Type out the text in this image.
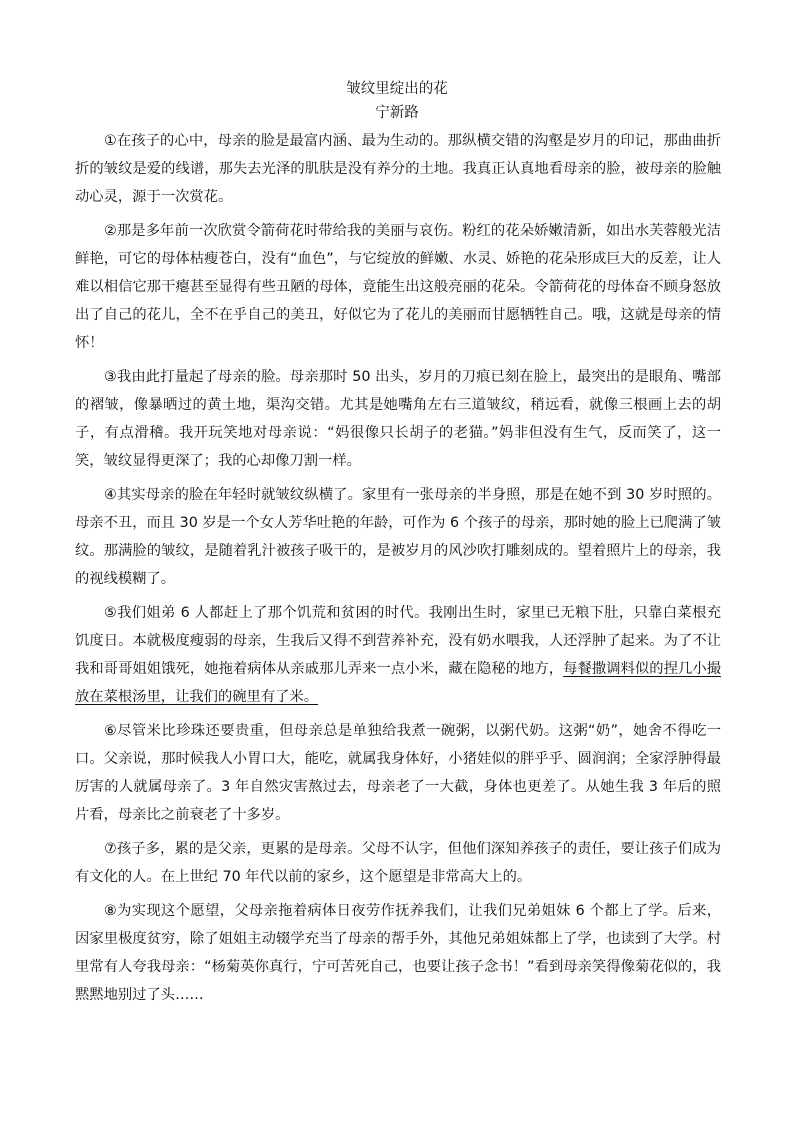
皱纹里绽出的花
宁新路

①在孩子的心中，母亲的脸是最富内涵、最为生动的。那纵横交错的沟壑是岁月的印记，那曲曲折折的皱纹是爱的线谱，那失去光泽的肌肤是没有养分的土地。我真正认真地看母亲的脸，被母亲的脸触动心灵，源于一次赏花。

②那是多年前一次欣赏令箭荷花时带给我的美丽与哀伤。粉红的花朵娇嫩清新，如出水芙蓉般光洁鲜艳，可它的母体枯瘦苍白，没有“血色”，与它绽放的鲜嫩、水灵、娇艳的花朵形成巨大的反差，让人难以相信它那干瘪甚至显得有些丑陋的母体，竟能生出这般亮丽的花朵。令箭荷花的母体奋不顾身怒放出了自己的花儿，全不在乎自己的美丑，好似它为了花儿的美丽而甘愿牺牲自己。哦，这就是母亲的情怀！

③我由此打量起了母亲的脸。母亲那时 50 出头，岁月的刀痕已刻在脸上，最突出的是眼角、嘴部的褶皱，像暴晒过的黄土地，渠沟交错。尤其是她嘴角左右三道皱纹，稍远看，就像三根画上去的胡子，有点滑稽。我开玩笑地对母亲说：“妈很像只长胡子的老猫。”妈非但没有生气，反而笑了，这一笑，皱纹显得更深了；我的心却像刀割一样。

④其实母亲的脸在年轻时就皱纹纵横了。家里有一张母亲的半身照，那是在她不到 30 岁时照的。母亲不丑，而且 30 岁是一个女人芳华吐艳的年龄，可作为 6 个孩子的母亲，那时她的脸上已爬满了皱纹。那满脸的皱纹，是随着乳汁被孩子吸干的，是被岁月的风沙吹打雕刻成的。望着照片上的母亲，我的视线模糊了。

⑤我们姐弟 6 人都赶上了那个饥荒和贫困的时代。我刚出生时，家里已无粮下肚，只靠白菜根充饥度日。本就极度瘦弱的母亲，生我后又得不到营养补充，没有奶水喂我，人还浮肿了起来。为了不让我和哥哥姐姐饿死，她拖着病体从亲戚那儿弄来一点小米，藏在隐秘的地方，每餐撒调料似的捏几小撮放在菜根汤里，让我们的碗里有了米。

⑥尽管米比珍珠还要贵重，但母亲总是单独给我煮一碗粥，以粥代奶。这粥“奶”，她舍不得吃一口。父亲说，那时候我人小胃口大，能吃，就属我身体好，小猪娃似的胖乎乎、圆润润；全家浮肿得最厉害的人就属母亲了。3 年自然灾害熬过去，母亲老了一大截，身体也更差了。从她生我 3 年后的照片看，母亲比之前衰老了十多岁。

⑦孩子多，累的是父亲，更累的是母亲。父母不认字，但他们深知养孩子的责任，要让孩子们成为有文化的人。在上世纪 70 年代以前的家乡，这个愿望是非常高大上的。

⑧为实现这个愿望，父母亲拖着病体日夜劳作抚养我们，让我们兄弟姐妹 6 个都上了学。后来，因家里极度贫穷，除了姐姐主动辍学充当了母亲的帮手外，其他兄弟姐妹都上了学，也读到了大学。村里常有人夸我母亲：“杨菊英你真行，宁可苦死自己，也要让孩子念书！”看到母亲笑得像菊花似的，我黙黙地别过了头……
